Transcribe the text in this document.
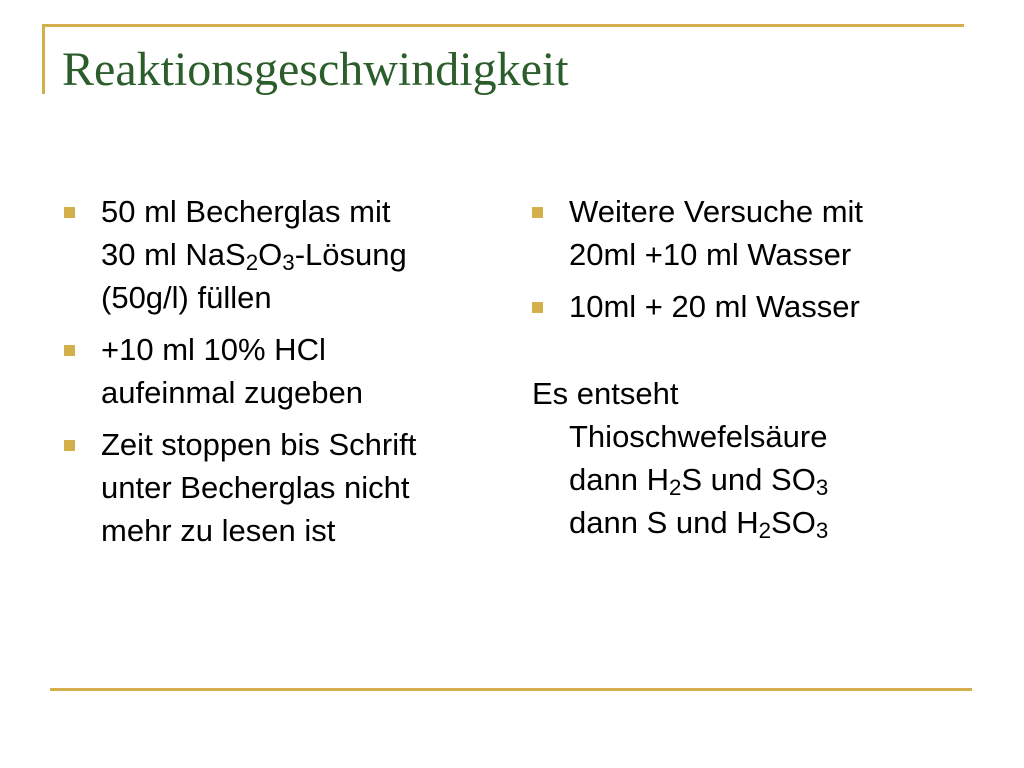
Reaktionsgeschwindigkeit
50 ml Becherglas mit
30 ml $NaS_2O_3$-Lösung
(50g/l) füllen
+10 ml 10% HCl
aufeinmal zugeben
Zeit stoppen bis Schrift
unter Becherglas nicht
mehr zu lesen ist
Weitere Versuche mit
20ml +10 ml Wasser
10ml + 20 ml Wasser
Es entseht
Thioschwefelsäure
dann $H_2S$ und $SO_3$
dann S und $H_2SO_3$
